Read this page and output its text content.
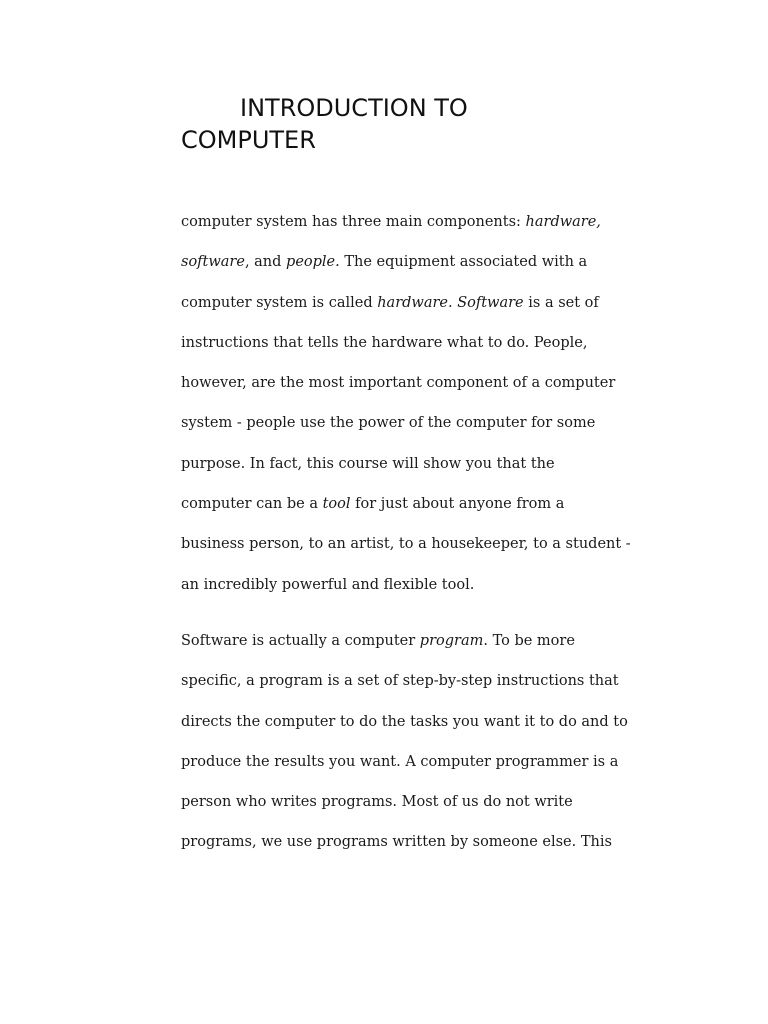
INTRODUCTION TO COMPUTER
computer system has three main components: hardware,
software, and people. The equipment associated with a
computer system is called hardware. Software is a set of
instructions that tells the hardware what to do. People,
however, are the most important component of a computer
system - people use the power of the computer for some
purpose. In fact, this course will show you that the
computer can be a tool for just about anyone from a
business person, to an artist, to a housekeeper, to a student -
an incredibly powerful and flexible tool.
Software is actually a computer program. To be more
specific, a program is a set of step-by-step instructions that
directs the computer to do the tasks you want it to do and to
produce the results you want. A computer programmer is a
person who writes programs. Most of us do not write
programs, we use programs written by someone else. This
